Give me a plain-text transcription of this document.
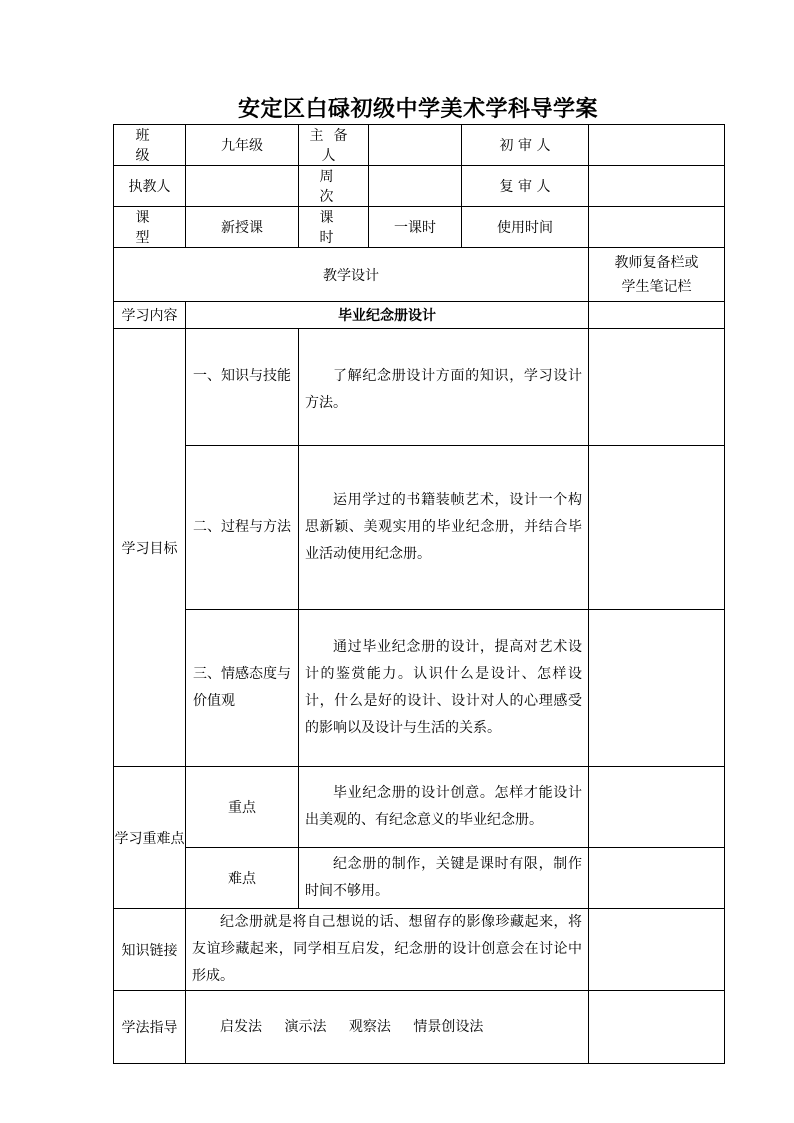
安定区白碌初级中学美术学科导学案
班 级	九年级	主备人		初 审 人	
执教人		周 次		复 审 人	
课 型	新授课	课 时	一课时	使用时间	
教学设计					教师复备栏或
学生笔记栏

学习内容	毕业纪念册设计				
学习目标	一、知识与技能	了解纪念册设计方面的知识，学习设计方法。			
	二、过程与方法	运用学过的书籍装帧艺术，设计一个构思新颖、美观实用的毕业纪念册，并结合毕业活动使用纪念册。			
	三、情感态度与价值观	通过毕业纪念册的设计，提高对艺术设计的鉴赏能力。认识什么是设计、怎样设计，什么是好的设计、设计对人的心理感受的影响以及设计与生活的关系。			
学习重难点	重点	毕业纪念册的设计创意。怎样才能设计出美观的、有纪念意义的毕业纪念册。			
	难点	纪念册的制作，关键是课时有限，制作时间不够用。			
知识链接	纪念册就是将自己想说的话、想留存的影像珍藏起来，将友谊珍藏起来，同学相互启发，纪念册的设计创意会在讨论中形成。				
学法指导	启发法 演示法 观察法 情景创设法				
